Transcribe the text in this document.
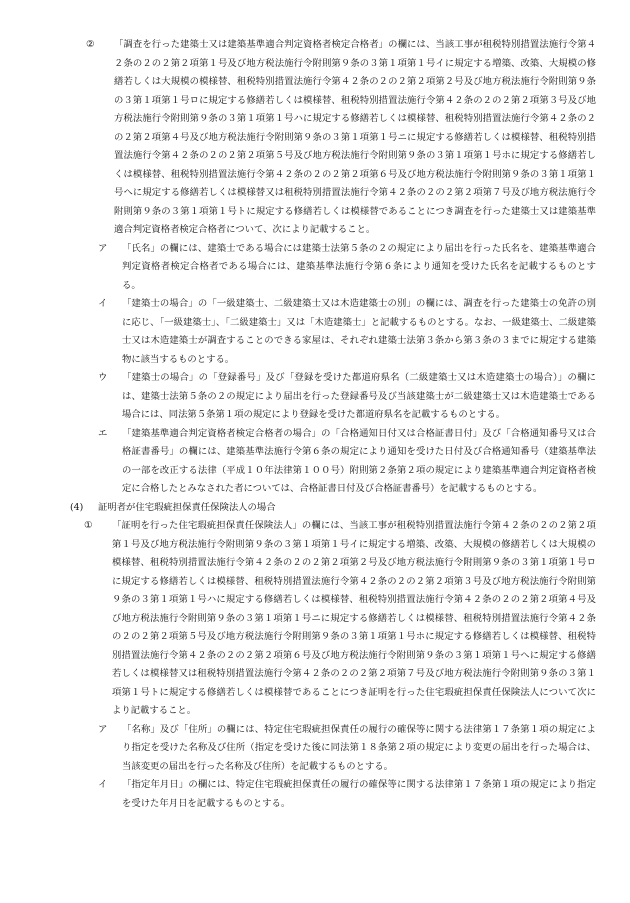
②	「調査を行った建築士又は建築基準適合判定資格者検定合格者」の欄には、当該工事が租税特別措置法施行令第４２条の２の２第２項第１号及び地方税法施行令附則第９条の３第１項第１号イに規定する増築、改築、大規模の修繕若しくは大規模の模様替、租税特別措置法施行令第４２条の２の２第２項第２号及び地方税法施行令附則第９条の３第１項第１号ロに規定する修繕若しくは模様替、租税特別措置法施行令第４２条の２の２第２項第３号及び地方税法施行令附則第９条の３第１項第１号ハに規定する修繕若しくは模様替、租税特別措置法施行令第４２条の２の２第２項第４号及び地方税法施行令附則第９条の３第１項第１号ニに規定する修繕若しくは模様替、租税特別措置法施行令第４２条の２の２第２項第５号及び地方税法施行令附則第９条の３第１項第１号ホに規定する修繕若しくは模様替、租税特別措置法施行令第４２条の２の２第２項第６号及び地方税法施行令附則第９条の３第１項第１号へに規定する修繕若しくは模様替又は租税特別措置法施行令第４２条の２の２第２項第７号及び地方税法施行令附則第９条の３第１項第１号トに規定する修繕若しくは模様替であることにつき調査を行った建築士又は建築基準適合判定資格者検定合格者について、次により記載すること。
ア	「氏名」の欄には、建築士である場合には建築士法第５条の２の規定により届出を行った氏名を、建築基準適合判定資格者検定合格者である場合には、建築基準法施行令第６条により通知を受けた氏名を記載するものとする。
イ	「建築士の場合」の「一級建築士、二級建築士又は木造建築士の別」の欄には、調査を行った建築士の免許の別に応じ、「一級建築士」、「二級建築士」又は「木造建築士」と記載するものとする。なお、一級建築士、二級建築士又は木造建築士が調査することのできる家屋は、それぞれ建築士法第３条から第３条の３までに規定する建築物に該当するものとする。
ウ	「建築士の場合」の「登録番号」及び「登録を受けた都道府県名（二級建築士又は木造建築士の場合）」の欄には、建築士法第５条の２の規定により届出を行った登録番号及び当該建築士が二級建築士又は木造建築士である場合には、同法第５条第１項の規定により登録を受けた都道府県名を記載するものとする。
エ	「建築基準適合判定資格者検定合格者の場合」の「合格通知日付又は合格証書日付」及び「合格通知番号又は合格証書番号」の欄には、建築基準法施行令第６条の規定により通知を受けた日付及び合格通知番号（建築基準法の一部を改正する法律（平成１０年法律第１００号）附則第２条第２項の規定により建築基準適合判定資格者検定に合格したとみなされた者については、合格証書日付及び合格証書番号）を記載するものとする。
(4)	証明者が住宅瑕疵担保責任保険法人の場合
①	「証明を行った住宅瑕疵担保責任保険法人」の欄には、当該工事が租税特別措置法施行令第４２条の２の２第２項第１号及び地方税法施行令附則第９条の３第１項第１号イに規定する増築、改築、大規模の修繕若しくは大規模の模様替、租税特別措置法施行令第４２条の２の２第２項第２号及び地方税法施行令附則第９条の３第１項第１号ロに規定する修繕若しくは模様替、租税特別措置法施行令第４２条の２の２第２項第３号及び地方税法施行令附則第９条の３第１項第１号ハに規定する修繕若しくは模様替、租税特別措置法施行令第４２条の２の２第２項第４号及び地方税法施行令附則第９条の３第１項第１号ニに規定する修繕若しくは模様替、租税特別措置法施行令第４２条の２の２第２項第５号及び地方税法施行令附則第９条の３第１項第１号ホに規定する修繕若しくは模様替、租税特別措置法施行令第４２条の２の２第２項第６号及び地方税法施行令附則第９条の３第１項第１号へに規定する修繕若しくは模様替又は租税特別措置法施行令第４２条の２の２第２項第７号及び地方税法施行令附則第９条の３第１項第１号トに規定する修繕若しくは模様替であることにつき証明を行った住宅瑕疵担保責任保険法人について次により記載すること。
ア	「名称」及び「住所」の欄には、特定住宅瑕疵担保責任の履行の確保等に関する法律第１７条第１項の規定により指定を受けた名称及び住所（指定を受けた後に同法第１８条第２項の規定により変更の届出を行った場合は、当該変更の届出を行った名称及び住所）を記載するものとする。
イ	「指定年月日」の欄には、特定住宅瑕疵担保責任の履行の確保等に関する法律第１７条第１項の規定により指定を受けた年月日を記載するものとする。
